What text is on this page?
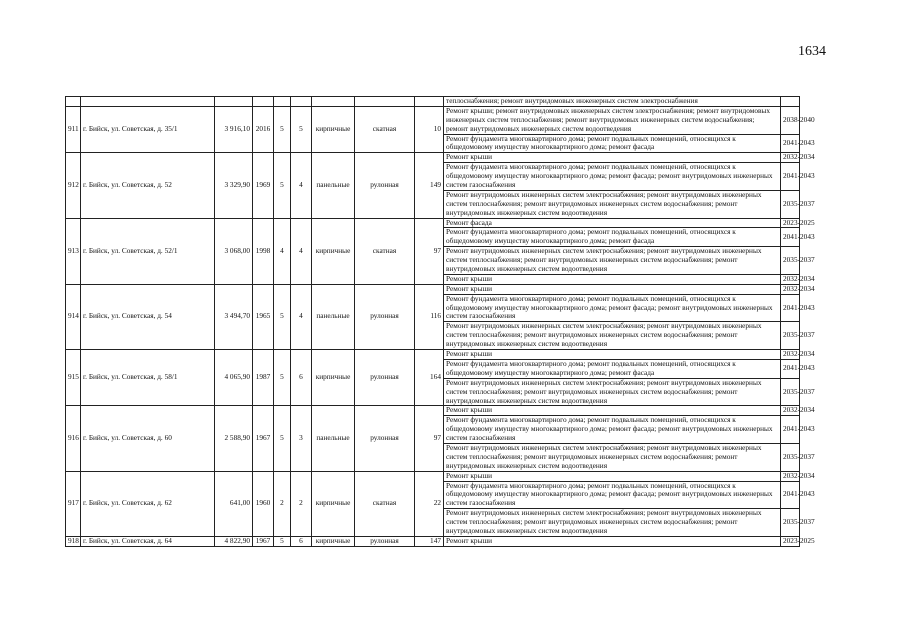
1634
									теплоснабжения; ремонт внутридомовых инженерных систем электроснабжения	
911	г. Бийск, ул. Советская, д. 35/1	3 916,10	2016	5	5	кирпичные	скатная	10	Ремонт крыши; ремонт внутридомовых инженерных систем электроснабжения; ремонт внутридомовых инженерных систем теплоснабжения; ремонт внутридомовых инженерных систем водоснабжения; ремонт внутридомовых инженерных систем водоотведения	2038-2040
									Ремонт фундамента многоквартирного дома; ремонт подвальных помещений, относящихся к общедомовому имуществу многоквартирного дома; ремонт фасада	2041-2043
912	г. Бийск, ул. Советская, д. 52	3 329,90	1969	5	4	панельные	рулонная	149	Ремонт крыши	2032-2034
									Ремонт фундамента многоквартирного дома; ремонт подвальных помещений, относящихся к общедомовому имуществу многоквартирного дома; ремонт фасада; ремонт внутридомовых инженерных систем газоснабжения	2041-2043
									Ремонт внутридомовых инженерных систем электроснабжения; ремонт внутридомовых инженерных систем теплоснабжения; ремонт внутридомовых инженерных систем водоснабжения; ремонт внутридомовых инженерных систем водоотведения	2035-2037
913	г. Бийск, ул. Советская, д. 52/1	3 068,00	1998	4	4	кирпичные	скатная	97	Ремонт фасада	2023-2025
									Ремонт фундамента многоквартирного дома; ремонт подвальных помещений, относящихся к общедомовому имуществу многоквартирного дома; ремонт фасада	2041-2043
									Ремонт внутридомовых инженерных систем электроснабжения; ремонт внутридомовых инженерных систем теплоснабжения; ремонт внутридомовых инженерных систем водоснабжения; ремонт внутридомовых инженерных систем водоотведения	2035-2037
									Ремонт крыши	2032-2034
914	г. Бийск, ул. Советская, д. 54	3 494,70	1965	5	4	панельные	рулонная	116	Ремонт крыши	2032-2034
									Ремонт фундамента многоквартирного дома; ремонт подвальных помещений, относящихся к общедомовому имуществу многоквартирного дома; ремонт фасада; ремонт внутридомовых инженерных систем газоснабжения	2041-2043
									Ремонт внутридомовых инженерных систем электроснабжения; ремонт внутридомовых инженерных систем теплоснабжения; ремонт внутридомовых инженерных систем водоснабжения; ремонт внутридомовых инженерных систем водоотведения	2035-2037
915	г. Бийск, ул. Советская, д. 58/1	4 065,90	1987	5	6	кирпичные	рулонная	164	Ремонт крыши	2032-2034
									Ремонт фундамента многоквартирного дома; ремонт подвальных помещений, относящихся к общедомовому имуществу многоквартирного дома; ремонт фасада	2041-2043
									Ремонт внутридомовых инженерных систем электроснабжения; ремонт внутридомовых инженерных систем теплоснабжения; ремонт внутридомовых инженерных систем водоснабжения; ремонт внутридомовых инженерных систем водоотведения	2035-2037
916	г. Бийск, ул. Советская, д. 60	2 588,90	1967	5	3	панельные	рулонная	97	Ремонт крыши	2032-2034
									Ремонт фундамента многоквартирного дома; ремонт подвальных помещений, относящихся к общедомовому имуществу многоквартирного дома; ремонт фасада; ремонт внутридомовых инженерных систем газоснабжения	2041-2043
									Ремонт внутридомовых инженерных систем электроснабжения; ремонт внутридомовых инженерных систем теплоснабжения; ремонт внутридомовых инженерных систем водоснабжения; ремонт внутридомовых инженерных систем водоотведения	2035-2037
917	г. Бийск, ул. Советская, д. 62	641,00	1960	2	2	кирпичные	скатная	22	Ремонт крыши	2032-2034
									Ремонт фундамента многоквартирного дома; ремонт подвальных помещений, относящихся к общедомовому имуществу многоквартирного дома; ремонт фасада; ремонт внутридомовых инженерных систем газоснабжения	2041-2043
									Ремонт внутридомовых инженерных систем электроснабжения; ремонт внутридомовых инженерных систем теплоснабжения; ремонт внутридомовых инженерных систем водоснабжения; ремонт внутридомовых инженерных систем водоотведения	2035-2037
918	г. Бийск, ул. Советская, д. 64	4 822,90	1967	5	6	кирпичные	рулонная	147	Ремонт крыши	2023-2025
